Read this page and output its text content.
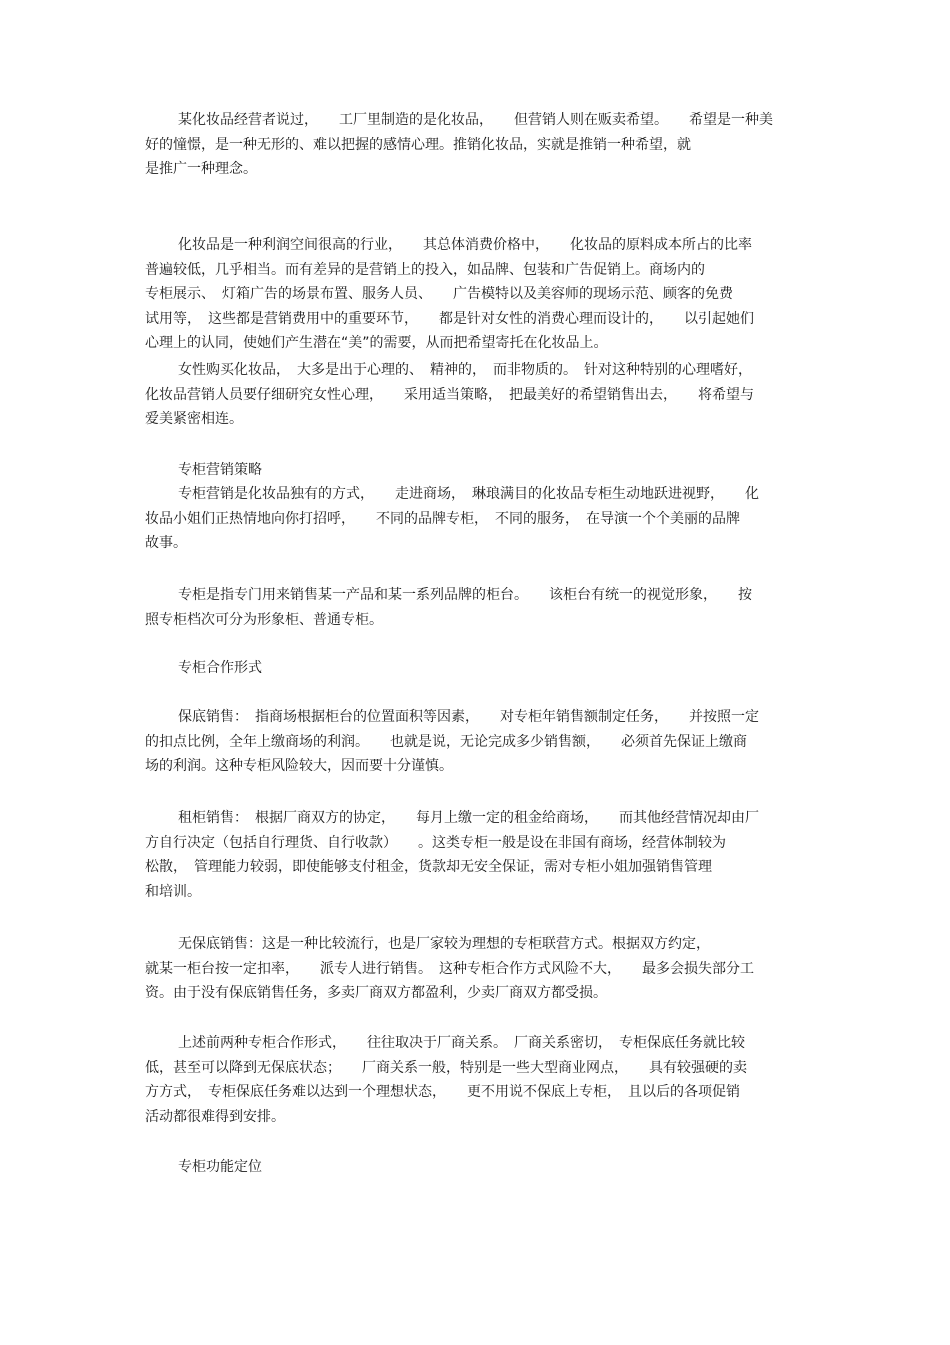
某化妆品经营者说过，　　工厂里制造的是化妆品，　　但营销人则在贩卖希望。　　希望是一种美
好的憧憬，是一种无形的、难以把握的感情心理。推销化妆品，实就是推销一种希望，就
是推广一种理念。
化妆品是一种利润空间很高的行业，　　其总体消费价格中，　　化妆品的原料成本所占的比率
普遍较低，几乎相当。而有差异的是营销上的投入，如品牌、包装和广告促销上。商场内的
专柜展示、　灯箱广告的场景布置、服务人员、　　广告模特以及美容师的现场示范、顾客的免费
试用等，　这些都是营销费用中的重要环节，　　都是针对女性的消费心理而设计的，　　以引起她们
心理上的认同，使她们产生潜在“美”的需要，从而把希望寄托在化妆品上。
女性购买化妆品，　大多是出于心理的、　精神的，　而非物质的。　针对这种特别的心理嗜好，
化妆品营销人员要仔细研究女性心理，　　采用适当策略，　把最美好的希望销售出去，　　将希望与
爱美紧密相连。
专柜营销策略
专柜营销是化妆品独有的方式，　　走进商场，　琳琅满目的化妆品专柜生动地跃进视野，　　化
妆品小姐们正热情地向你打招呼，　　不同的品牌专柜，　不同的服务，　在导演一个个美丽的品牌
故事。
专柜是指专门用来销售某一产品和某一系列品牌的柜台。　　该柜台有统一的视觉形象，　　按
照专柜档次可分为形象柜、普通专柜。
专柜合作形式
保底销售：　指商场根据柜台的位置面积等因素，　　对专柜年销售额制定任务，　　并按照一定
的扣点比例，全年上缴商场的利润。　　也就是说，无论完成多少销售额，　　必须首先保证上缴商
场的利润。这种专柜风险较大，因而要十分谨慎。
租柜销售：　根据厂商双方的协定，　　每月上缴一定的租金给商场，　　而其他经营情况却由厂
方自行决定（包括自行理货、自行收款）　　。这类专柜一般是设在非国有商场，经营体制较为
松散，　管理能力较弱，即使能够支付租金，货款却无安全保证，需对专柜小姐加强销售管理
和培训。
无保底销售：这是一种比较流行，也是厂家较为理想的专柜联营方式。根据双方约定，
就某一柜台按一定扣率，　　派专人进行销售。　这种专柜合作方式风险不大，　　最多会损失部分工
资。由于没有保底销售任务，多卖厂商双方都盈利，少卖厂商双方都受损。
上述前两种专柜合作形式，　　往往取决于厂商关系。　厂商关系密切，　专柜保底任务就比较
低，甚至可以降到无保底状态；　　厂商关系一般，特别是一些大型商业网点，　　具有较强硬的卖
方方式，　专柜保底任务难以达到一个理想状态，　　更不用说不保底上专柜，　且以后的各项促销
活动都很难得到安排。
专柜功能定位
